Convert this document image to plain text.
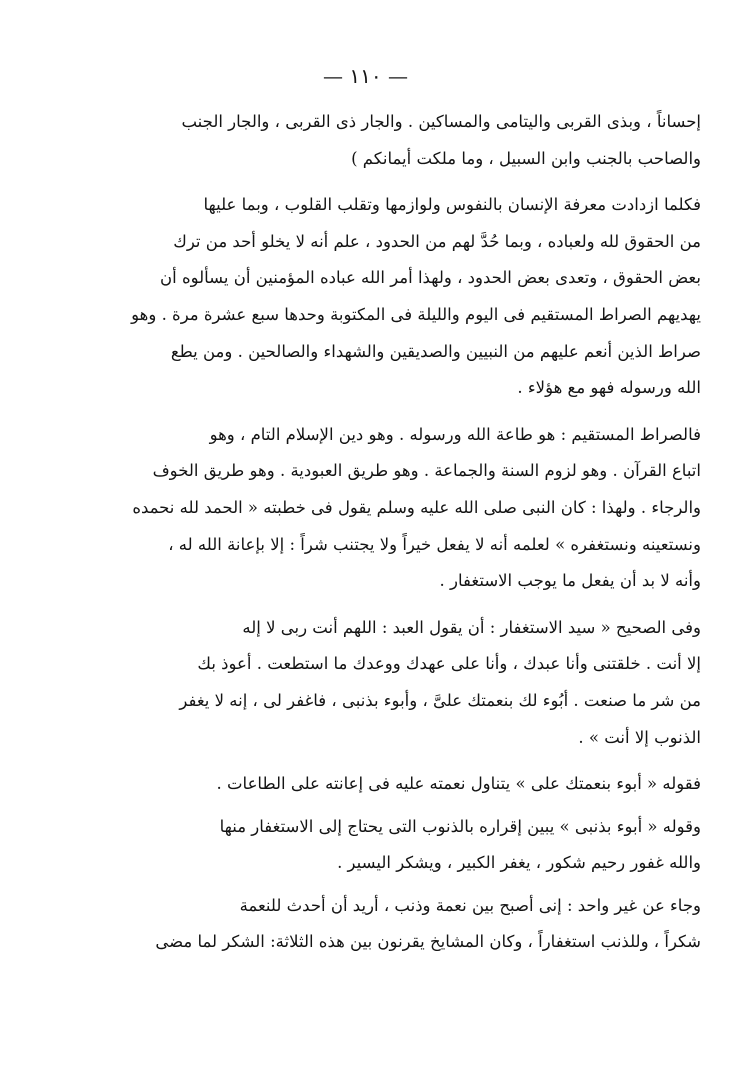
— ١١٠ —

إحساناً ، وبذى القربى واليتامى والمساكين . والجار ذى القربى ، والجار الجنب
والصاحب بالجنب وابن السبيل ، وما ملكت أيمانكم )

فكلما ازدادت معرفة الإنسان بالنفوس ولوازمها وتقلب القلوب ، وبما عليها
من الحقوق لله ولعباده ، وبما حُدَّ لهم من الحدود ، علم أنه لا يخلو أحد من ترك
بعض الحقوق ، وتعدى بعض الحدود ، ولهذا أمر الله عباده المؤمنين أن يسألوه أن
يهديهم الصراط المستقيم فى اليوم والليلة فى المكتوبة وحدها سبع عشرة مرة . وهو
صراط الذين أنعم عليهم من النبيين والصديقين والشهداء والصالحين . ومن يطع
الله ورسوله فهو مع هؤلاء .

فالصراط المستقيم : هو طاعة الله ورسوله . وهو دين الإسلام التام ، وهو
اتباع القرآن . وهو لزوم السنة والجماعة . وهو طريق العبودية . وهو طريق الخوف
والرجاء . ولهذا : كان النبى صلى الله عليه وسلم يقول فى خطبته « الحمد لله نحمده
ونستعينه ونستغفره » لعلمه أنه لا يفعل خيراً ولا يجتنب شراً : إلا بإعانة الله له ،
وأنه لا بد أن يفعل ما يوجب الاستغفار .

وفى الصحيح « سيد الاستغفار : أن يقول العبد : اللهم أنت ربى لا إله
إلا أنت . خلقتنى وأنا عبدك ، وأنا على عهدك ووعدك ما استطعت . أعوذ بك
من شر ما صنعت . أبُوء لك بنعمتك علىَّ ، وأبوء بذنبى ، فاغفر لى ، إنه لا يغفر
الذنوب إلا أنت » .

فقوله « أبوء بنعمتك على » يتناول نعمته عليه فى إعانته على الطاعات .

وقوله « أبوء بذنبى » يبين إقراره بالذنوب التى يحتاج إلى الاستغفار منها
والله غفور رحيم شكور ، يغفر الكبير ، ويشكر اليسير .

وجاء عن غير واحد : إنى أصبح بين نعمة وذنب ، أريد أن أحدث للنعمة
شكراً ، وللذنب استغفاراً ، وكان المشايخ يقرنون بين هذه الثلاثة: الشكر لما مضى
